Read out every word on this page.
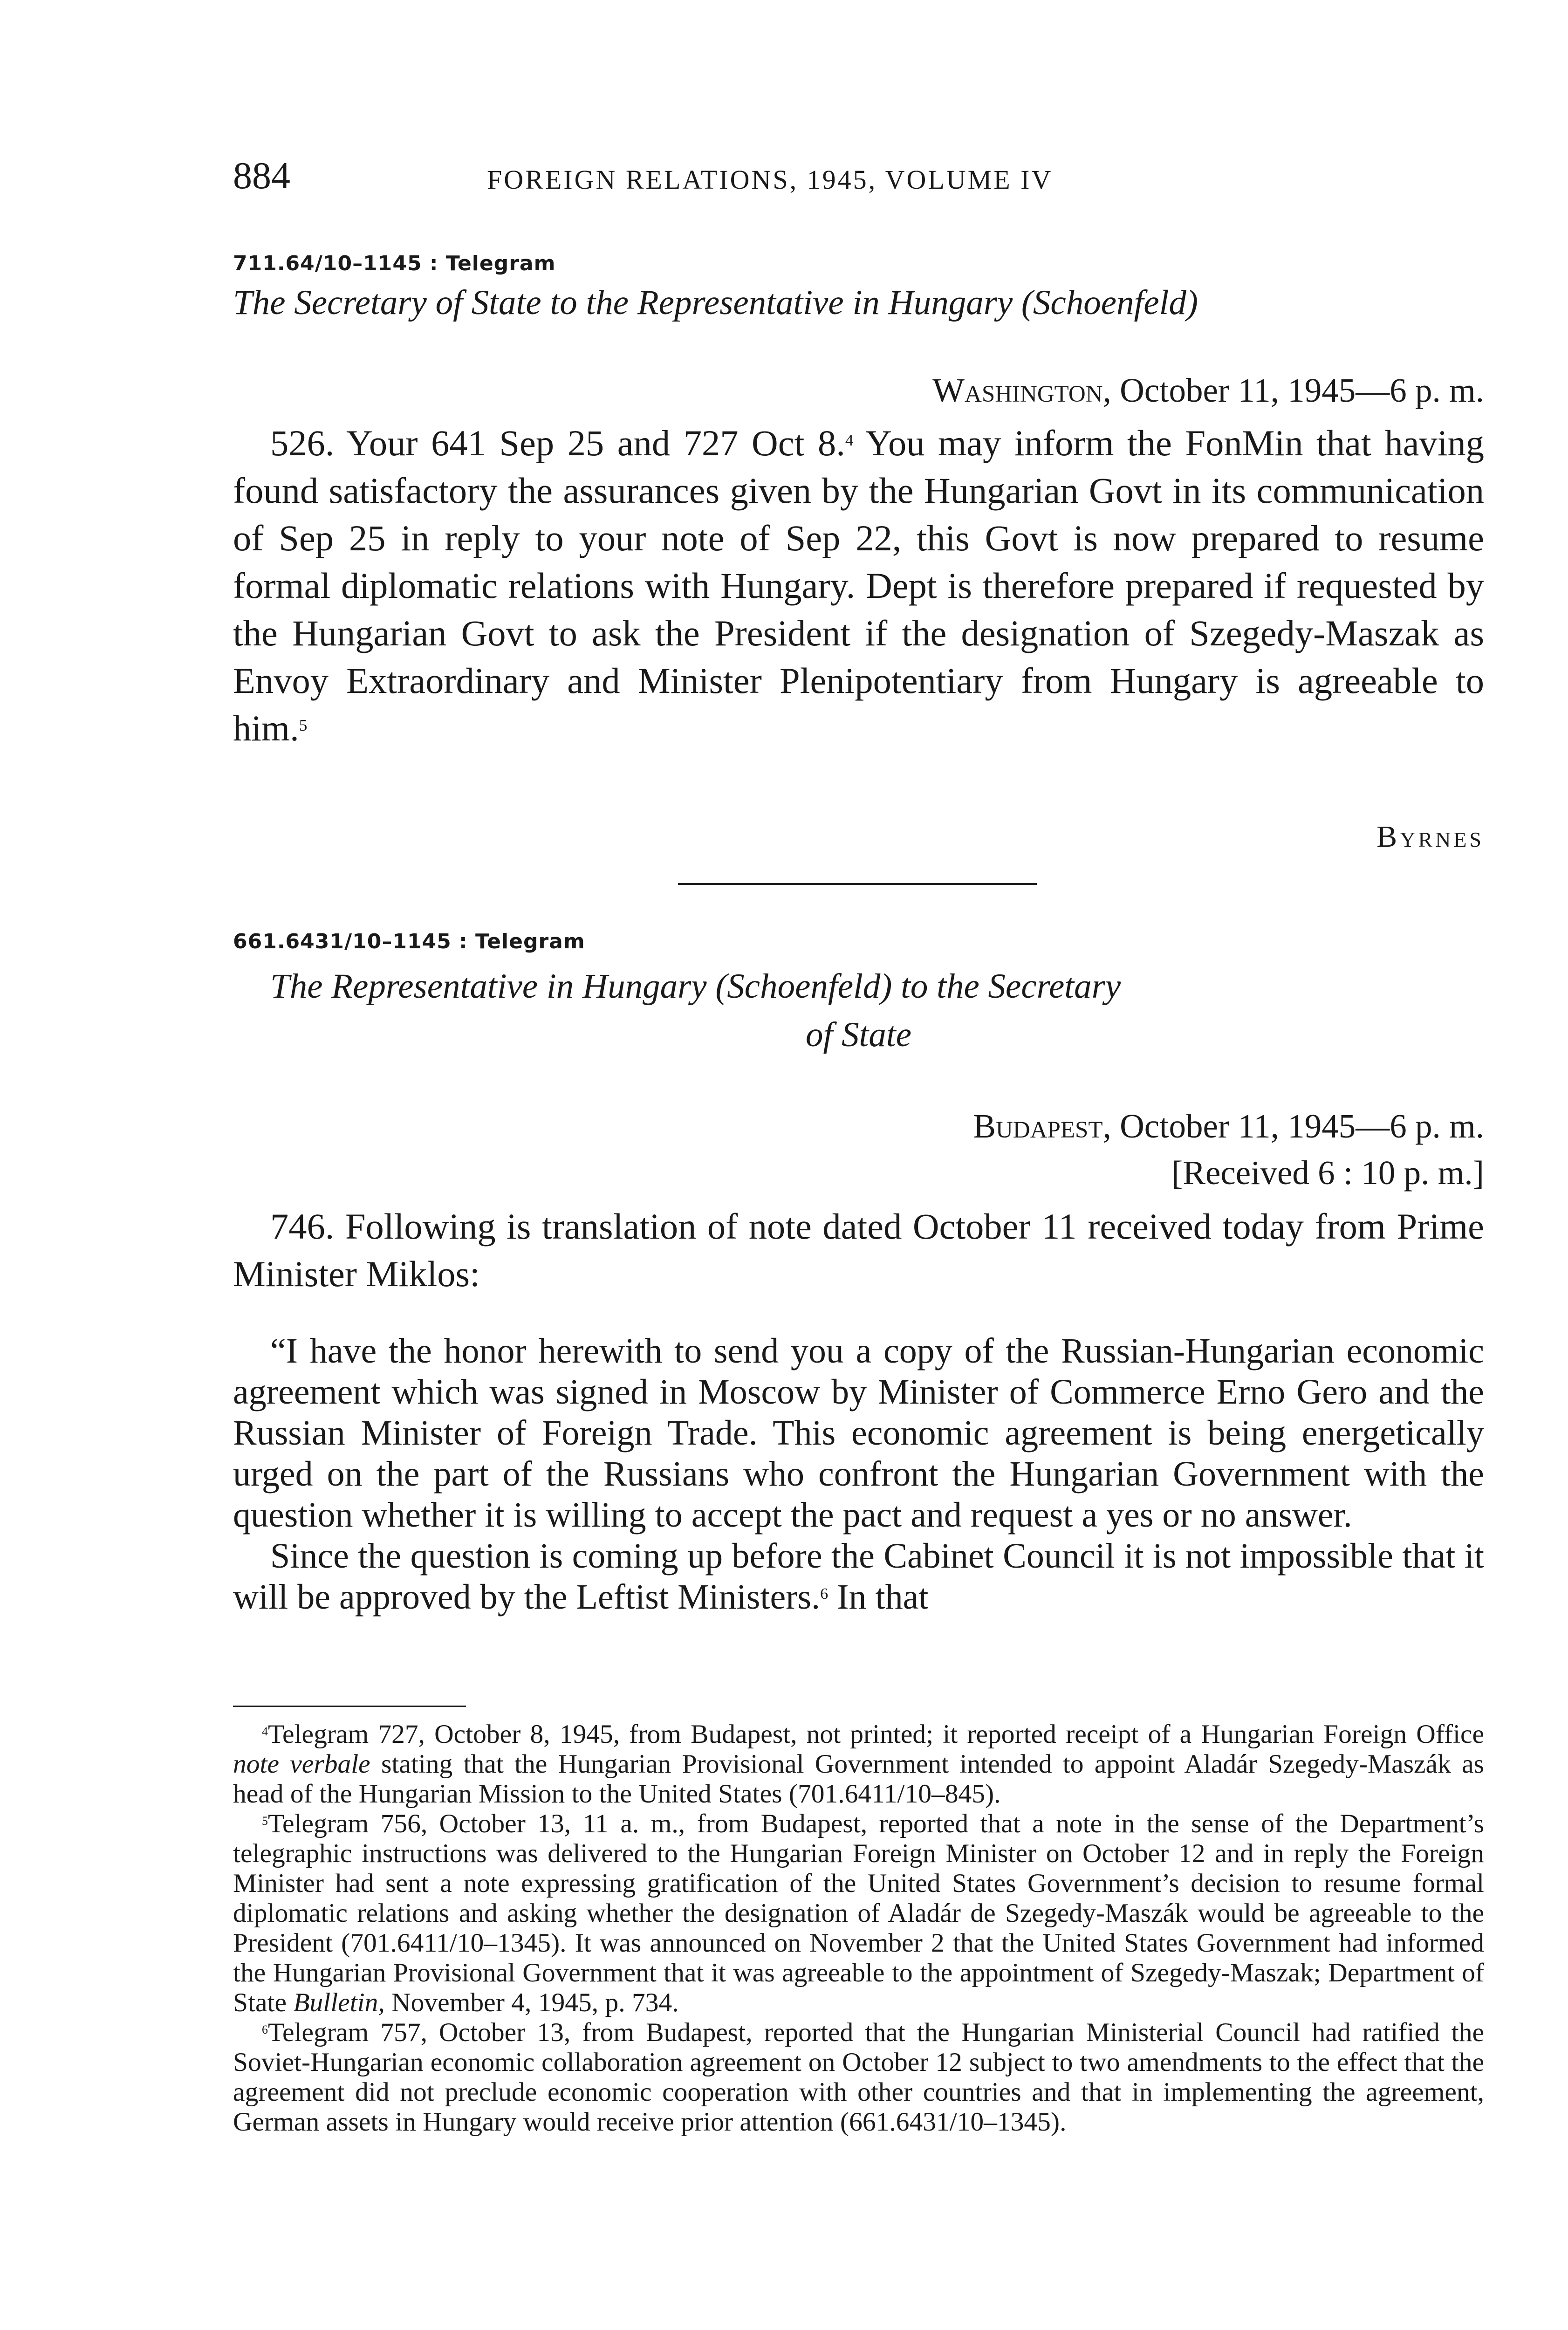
884	FOREIGN RELATIONS, 1945, VOLUME IV
711.64/10–1145 : Telegram
The Secretary of State to the Representative in Hungary (Schoenfeld)
Washington, October 11, 1945—6 p. m.

526. Your 641 Sep 25 and 727 Oct 8.$^4$ You may inform the FonMin that having found satisfactory the assurances given by the Hungarian Govt in its communication of Sep 25 in reply to your note of Sep 22, this Govt is now prepared to resume formal diplomatic relations with Hungary. Dept is therefore prepared if requested by the Hungarian Govt to ask the President if the designation of Szegedy-Maszak as Envoy Extraordinary and Minister Plenipotentiary from Hungary is agreeable to him.$^5$

Byrnes
661.6431/10–1145 : Telegram
The Representative in Hungary (Schoenfeld) to the Secretary
of State
Budapest, October 11, 1945—6 p. m.
[Received 6 : 10 p. m.]

746. Following is translation of note dated October 11 received today from Prime Minister Miklos:

“I have the honor herewith to send you a copy of the Russian-Hungarian economic agreement which was signed in Moscow by Minister of Commerce Erno Gero and the Russian Minister of Foreign Trade. This economic agreement is being energetically urged on the part of the Russians who confront the Hungarian Government with the question whether it is willing to accept the pact and request a yes or no answer.

Since the question is coming up before the Cabinet Council it is not impossible that it will be approved by the Leftist Ministers.$^6$ In that

$^4$Telegram 727, October 8, 1945, from Budapest, not printed; it reported receipt of a Hungarian Foreign Office note verbale stating that the Hungarian Provisional Government intended to appoint Aladár Szegedy-Maszák as head of the Hungarian Mission to the United States (701.6411/10–845).

$^5$Telegram 756, October 13, 11 a. m., from Budapest, reported that a note in the sense of the Department’s telegraphic instructions was delivered to the Hungarian Foreign Minister on October 12 and in reply the Foreign Minister had sent a note expressing gratification of the United States Government’s decision to resume formal diplomatic relations and asking whether the designation of Aladár de Szegedy-Maszák would be agreeable to the President (701.6411/10–1345). It was announced on November 2 that the United States Government had informed the Hungarian Provisional Government that it was agreeable to the appointment of Szegedy-Maszak; Department of State Bulletin, November 4, 1945, p. 734.

$^6$Telegram 757, October 13, from Budapest, reported that the Hungarian Ministerial Council had ratified the Soviet-Hungarian economic collaboration agreement on October 12 subject to two amendments to the effect that the agreement did not preclude economic cooperation with other countries and that in implementing the agreement, German assets in Hungary would receive prior attention (661.6431/10–1345).
